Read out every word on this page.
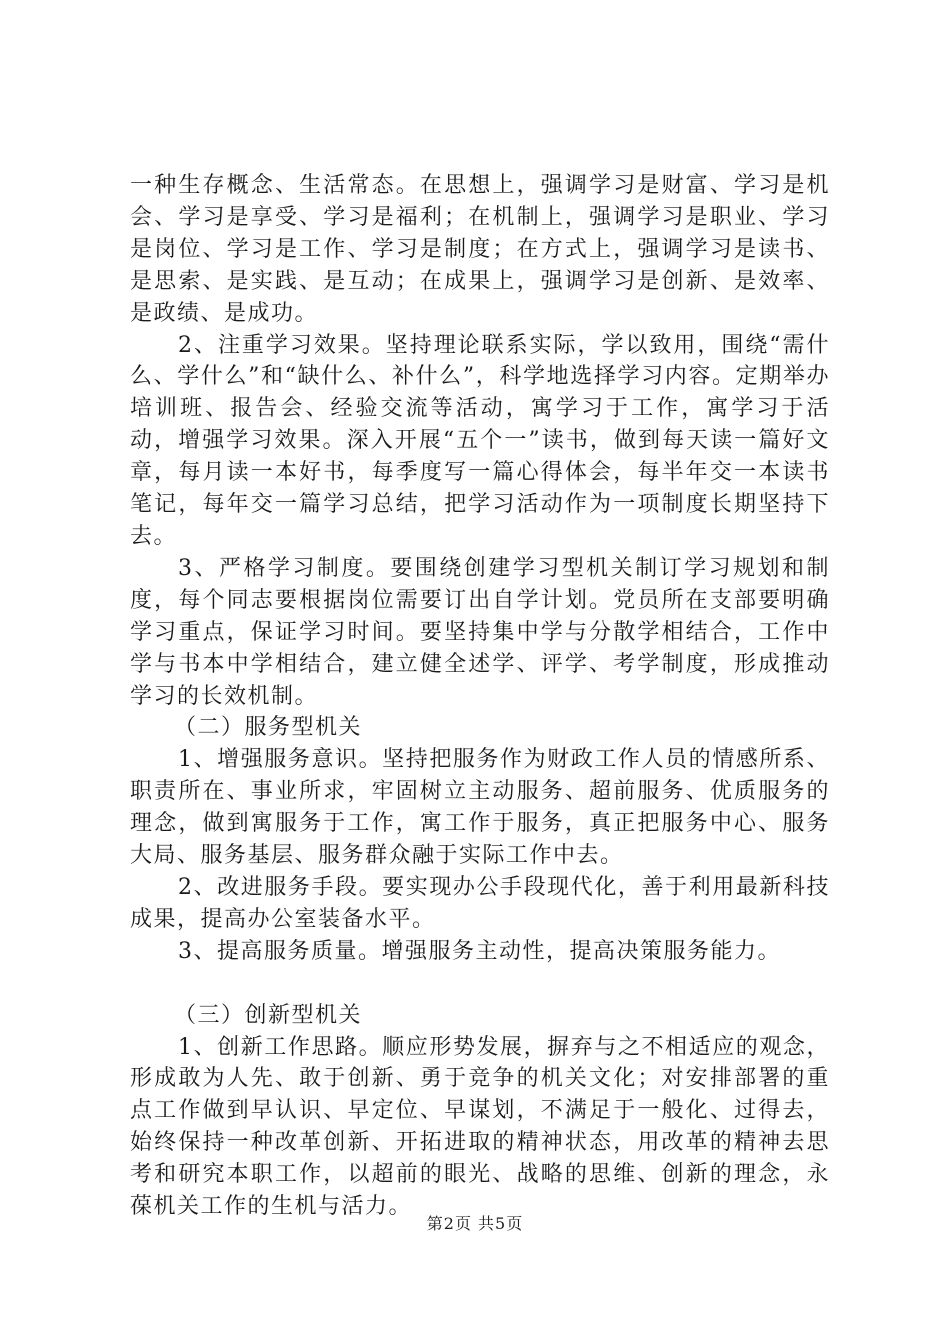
一种生存概念、生活常态。在思想上，强调学习是财富、学习是机会、学习是享受、学习是福利；在机制上，强调学习是职业、学习是岗位、学习是工作、学习是制度；在方式上，强调学习是读书、是思索、是实践、是互动；在成果上，强调学习是创新、是效率、是政绩、是成功。

2、注重学习效果。坚持理论联系实际，学以致用，围绕“需什么、学什么”和“缺什么、补什么”，科学地选择学习内容。定期举办培训班、报告会、经验交流等活动，寓学习于工作，寓学习于活动，增强学习效果。深入开展“五个一”读书，做到每天读一篇好文章，每月读一本好书，每季度写一篇心得体会，每半年交一本读书笔记，每年交一篇学习总结，把学习活动作为一项制度长期坚持下去。

3、严格学习制度。要围绕创建学习型机关制订学习规划和制度，每个同志要根据岗位需要订出自学计划。党员所在支部要明确学习重点，保证学习时间。要坚持集中学与分散学相结合，工作中学与书本中学相结合，建立健全述学、评学、考学制度，形成推动学习的长效机制。

（二）服务型机关

1、增强服务意识。坚持把服务作为财政工作人员的情感所系、职责所在、事业所求，牢固树立主动服务、超前服务、优质服务的理念，做到寓服务于工作，寓工作于服务，真正把服务中心、服务大局、服务基层、服务群众融于实际工作中去。

2、改进服务手段。要实现办公手段现代化，善于利用最新科技成果，提高办公室装备水平。

3、提高服务质量。增强服务主动性，提高决策服务能力。

（三）创新型机关

1、创新工作思路。顺应形势发展，摒弃与之不相适应的观念，形成敢为人先、敢于创新、勇于竞争的机关文化；对安排部署的重点工作做到早认识、早定位、早谋划，不满足于一般化、过得去，始终保持一种改革创新、开拓进取的精神状态，用改革的精神去思考和研究本职工作，以超前的眼光、战略的思维、创新的理念，永葆机关工作的生机与活力。

第2页 共5页
